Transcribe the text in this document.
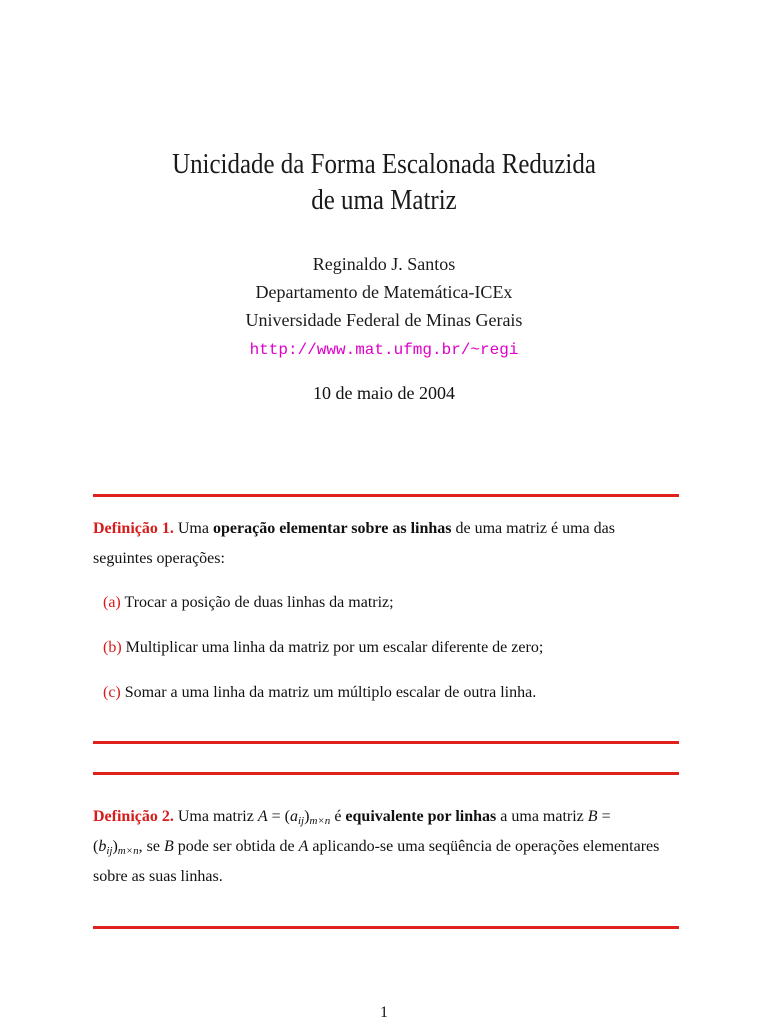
Unicidade da Forma Escalonada Reduzida
de uma Matriz
Reginaldo J. Santos
Departamento de Matemática-ICEx
Universidade Federal de Minas Gerais
http://www.mat.ufmg.br/~regi
10 de maio de 2004
Definição 1. Uma operação elementar sobre as linhas de uma matriz é uma das
seguintes operações:
(a) Trocar a posição de duas linhas da matriz;
(b) Multiplicar uma linha da matriz por um escalar diferente de zero;
(c) Somar a uma linha da matriz um múltiplo escalar de outra linha.
Definição 2. Uma matriz $A = (a_{ij})_{m\times n}$ é equivalente por linhas a uma matriz B =
$(b_{ij})_{m\times n}$, se B pode ser obtida de A aplicando-se uma seqüência de operações elementares
sobre as suas linhas.
1
